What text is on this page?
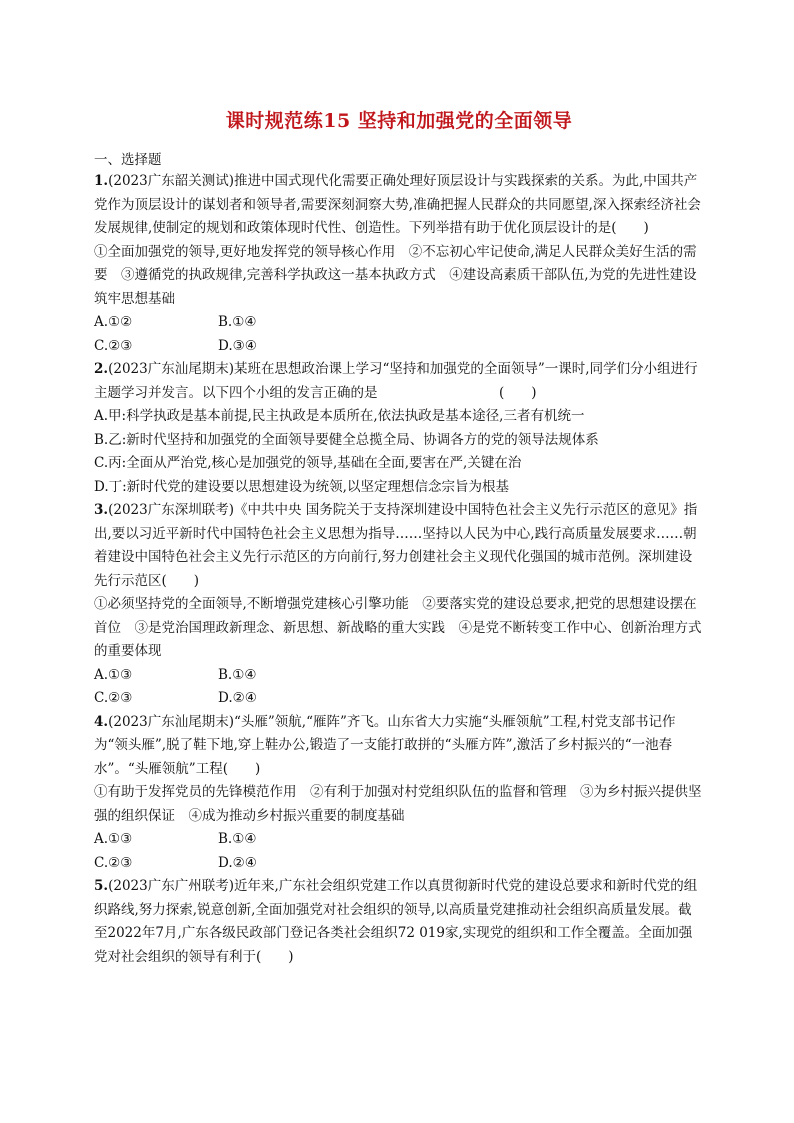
课时规范练15 坚持和加强党的全面领导
一、选择题
1.(2023广东韶关测试)推进中国式现代化需要正确处理好顶层设计与实践探索的关系。为此,中国共产党作为顶层设计的谋划者和领导者,需要深刻洞察大势,准确把握人民群众的共同愿望,深入探索经济社会发展规律,使制定的规划和政策体现时代性、创造性。下列举措有助于优化顶层设计的是(　　)
①全面加强党的领导,更好地发挥党的领导核心作用　②不忘初心牢记使命,满足人民群众美好生活的需要　③遵循党的执政规律,完善科学执政这一基本执政方式　④建设高素质干部队伍,为党的先进性建设筑牢思想基础
A.①②	B.①④
C.②③	D.③④
2.(2023广东汕尾期末)某班在思想政治课上学习“坚持和加强党的全面领导”一课时,同学们分小组进行主题学习并发言。以下四个小组的发言正确的是　　　　　　　　　(　　)
A.甲:科学执政是基本前提,民主执政是本质所在,依法执政是基本途径,三者有机统一
B.乙:新时代坚持和加强党的全面领导要健全总揽全局、协调各方的党的领导法规体系
C.丙:全面从严治党,核心是加强党的领导,基础在全面,要害在严,关键在治
D.丁:新时代党的建设要以思想建设为统领,以坚定理想信念宗旨为根基
3.(2023广东深圳联考)《中共中央 国务院关于支持深圳建设中国特色社会主义先行示范区的意见》指出,要以习近平新时代中国特色社会主义思想为指导……坚持以人民为中心,践行高质量发展要求……朝着建设中国特色社会主义先行示范区的方向前行,努力创建社会主义现代化强国的城市范例。深圳建设先行示范区(　　)
①必须坚持党的全面领导,不断增强党建核心引擎功能　②要落实党的建设总要求,把党的思想建设摆在首位　③是党治国理政新理念、新思想、新战略的重大实践　④是党不断转变工作中心、创新治理方式的重要体现
A.①③	B.①④
C.②③	D.②④
4.(2023广东汕尾期末)“头雁”领航,“雁阵”齐飞。山东省大力实施“头雁领航”工程,村党支部书记作为“领头雁”,脱了鞋下地,穿上鞋办公,锻造了一支能打敢拼的“头雁方阵”,激活了乡村振兴的“一池春水”。“头雁领航”工程(　　)
①有助于发挥党员的先锋模范作用　②有利于加强对村党组织队伍的监督和管理　③为乡村振兴提供坚强的组织保证　④成为推动乡村振兴重要的制度基础
A.①③	B.①④
C.②③	D.②④
5.(2023广东广州联考)近年来,广东社会组织党建工作以真贯彻新时代党的建设总要求和新时代党的组织路线,努力探索,锐意创新,全面加强党对社会组织的领导,以高质量党建推动社会组织高质量发展。截至2022年7月,广东各级民政部门登记各类社会组织72 019家,实现党的组织和工作全覆盖。全面加强党对社会组织的领导有利于(　　)
